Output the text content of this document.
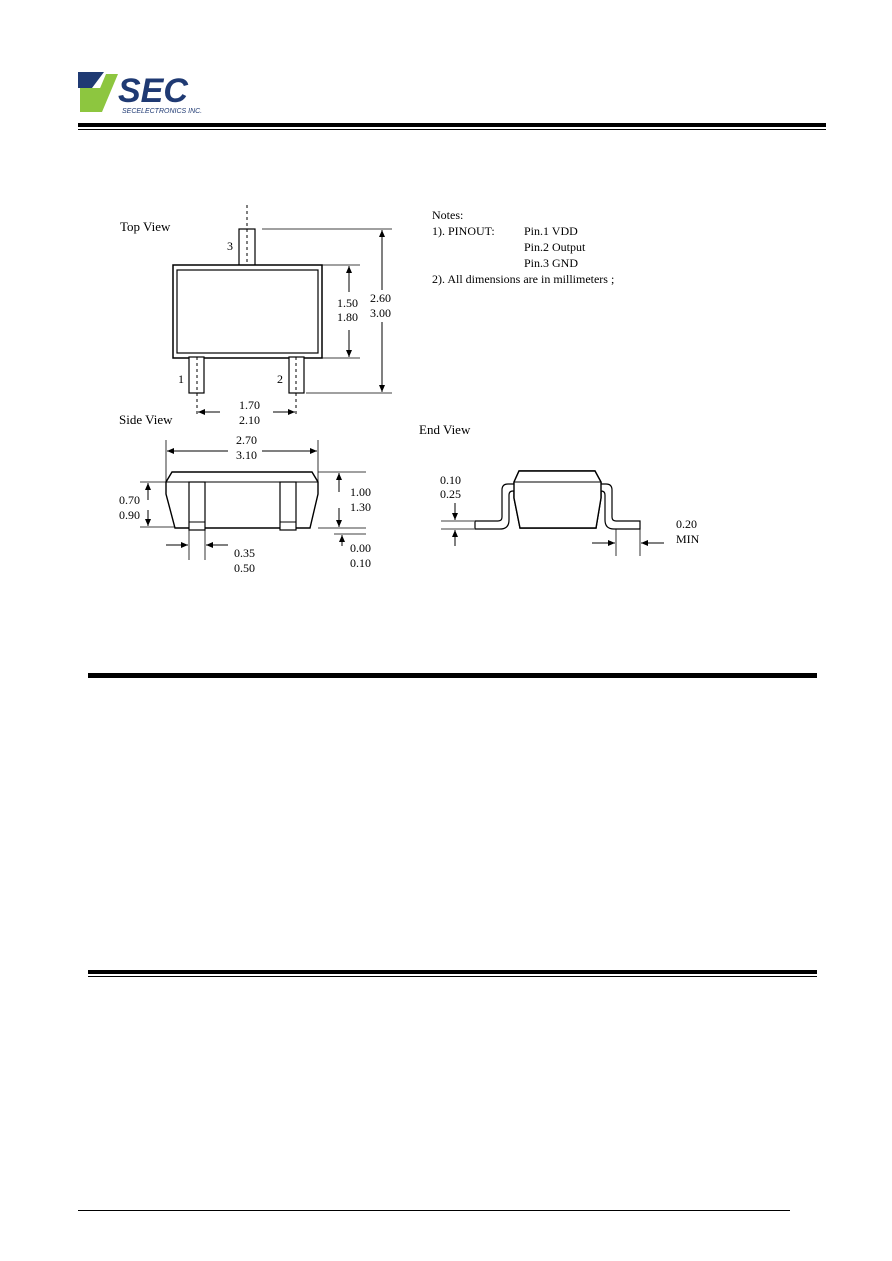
SEC
SECELECTRONICS INC.
Top View
3
1	2
1.50
1.80
2.60
3.00
1.70
2.10
Side View
2.70
3.10
0.70
0.90
1.00
1.30
0.00
0.10
0.35
0.50
End View
0.10
0.25
0.20
MIN
Notes:
1). PINOUT: Pin.1 VDD
Pin.2 Output
Pin.3 GND
2). All dimensions are in millimeters ;
